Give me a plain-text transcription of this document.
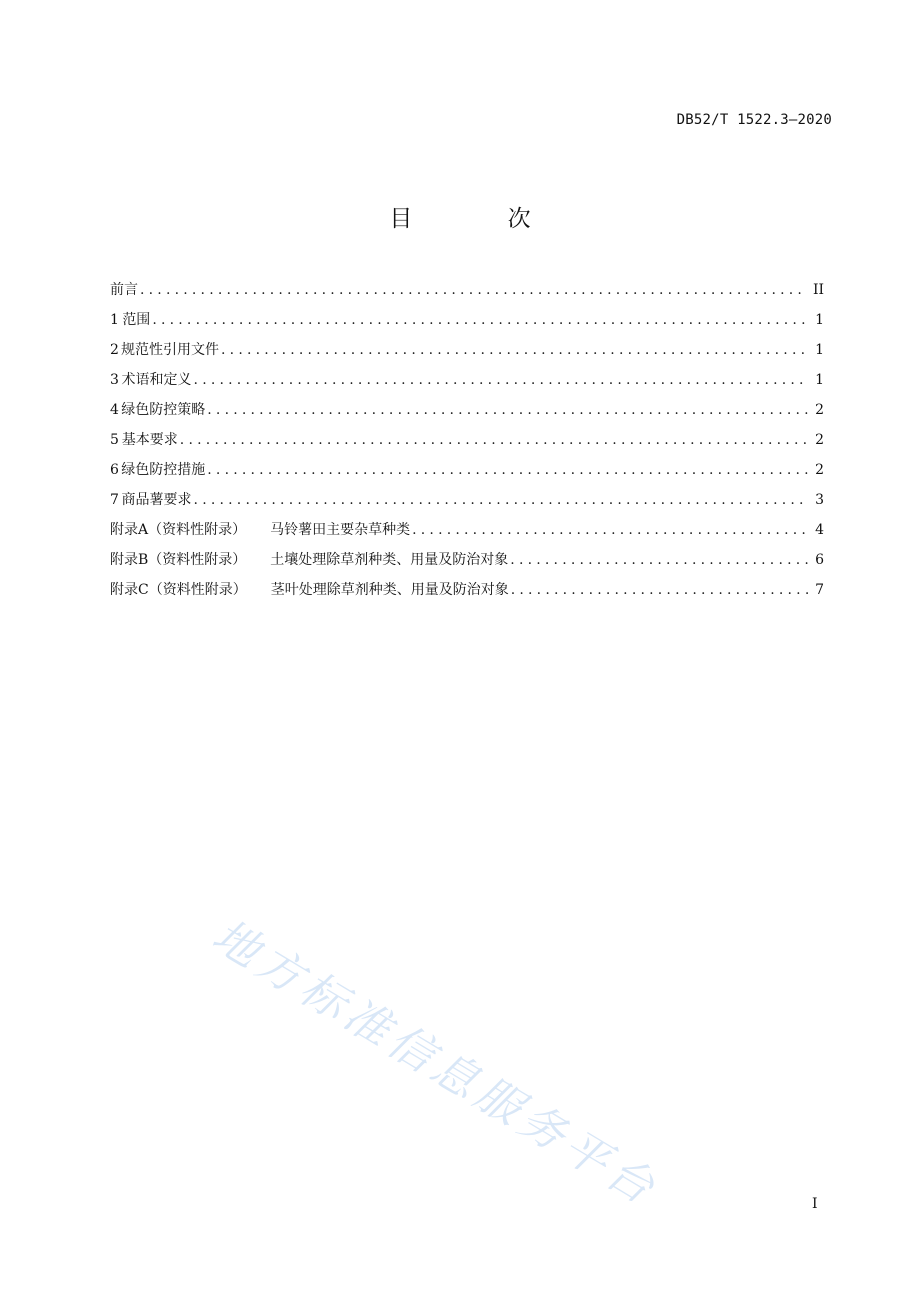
DB52/T 1522.3—2020
目 次
前言 .....	II
1 范围 .....	1
2 规范性引用文件 .....	1
3 术语和定义 .....	1
4 绿色防控策略 .....	2
5 基本要求 .....	2
6 绿色防控措施 .....	2
7 商品薯要求 .....	3
附录A（资料性附录） 马铃薯田主要杂草种类 .....	4
附录B（资料性附录） 土壤处理除草剂种类、用量及防治对象 .....	6
附录C（资料性附录） 茎叶处理除草剂种类、用量及防治对象 .....	7
地方标准信息服务平台	I
